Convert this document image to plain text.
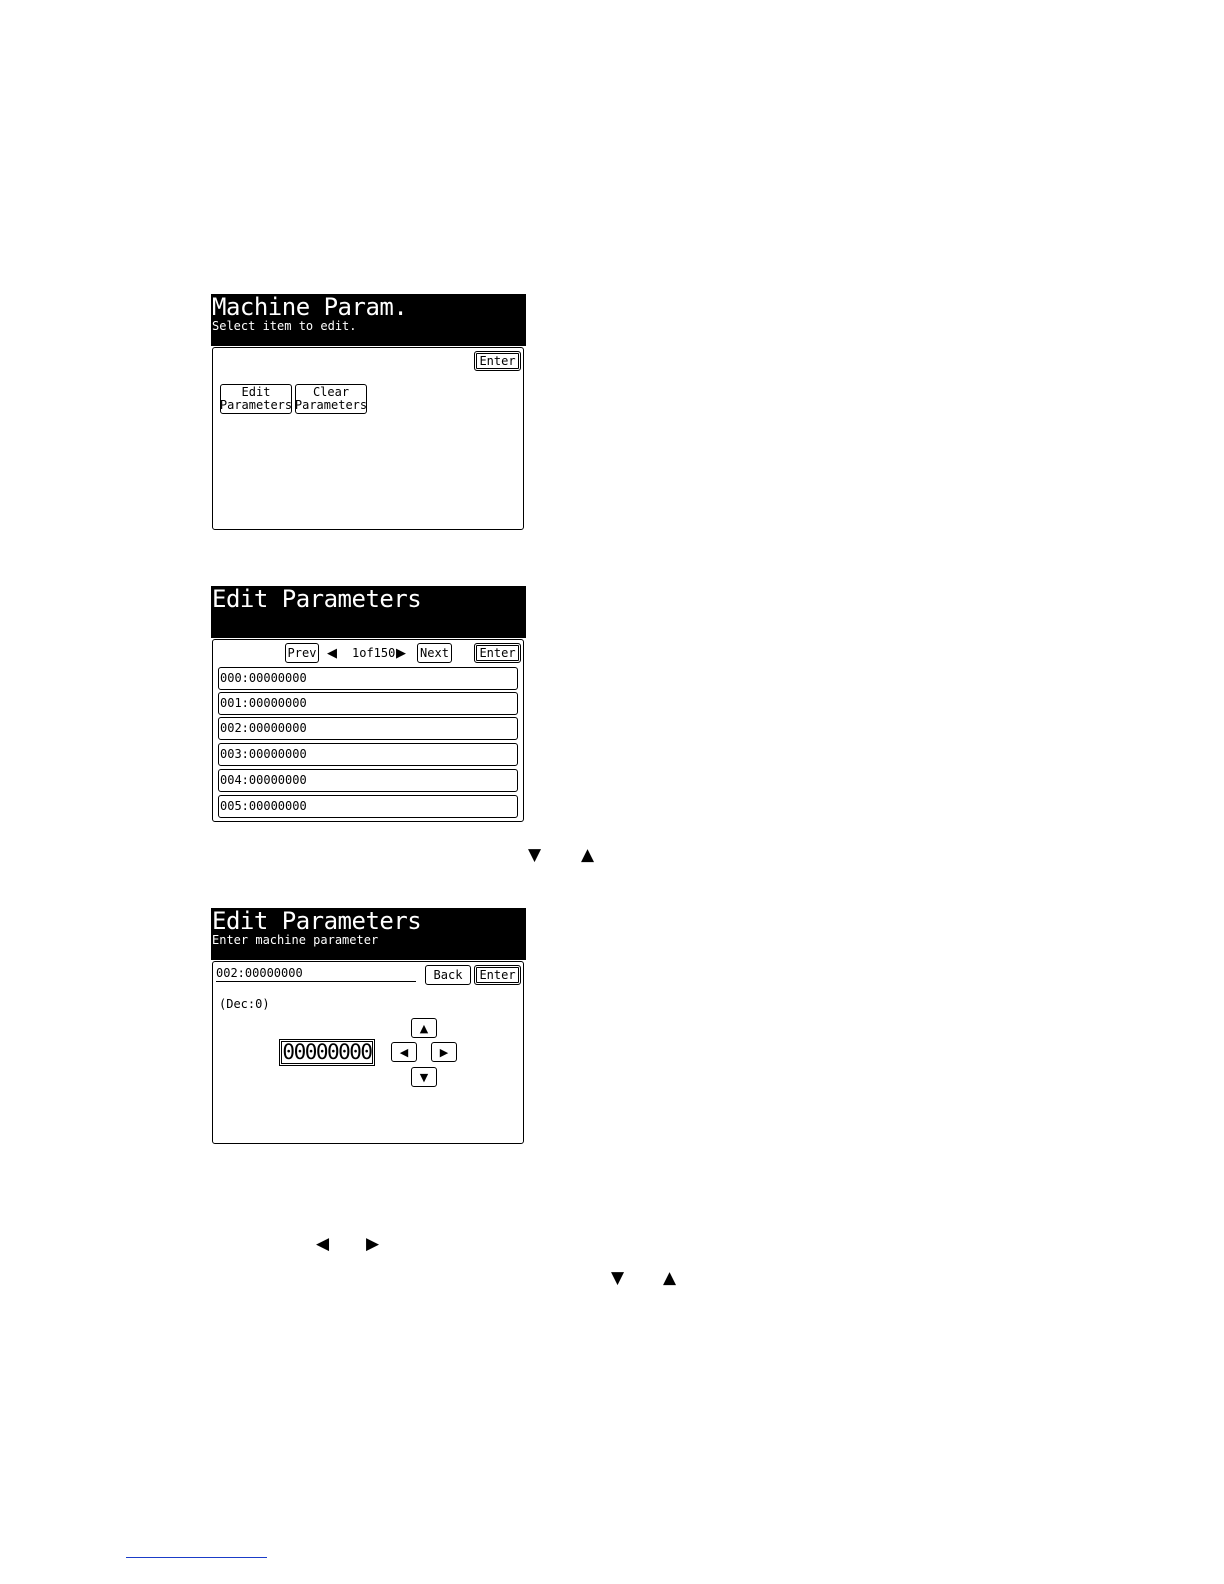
Machine Param.
Select item to edit.
Enter
Edit
Parameters
Clear
Parameters
Edit Parameters
Prev ◀ 1of150 ▶ Next	Enter
000:00000000
001:00000000
002:00000000
003:00000000
004:00000000
005:00000000
▼ ▲
Edit Parameters
Enter machine parameter
002:00000000	Back	Enter
(Dec:0)
00000000
▲
◀	▶
▼
◀ ▶
▼ ▲
